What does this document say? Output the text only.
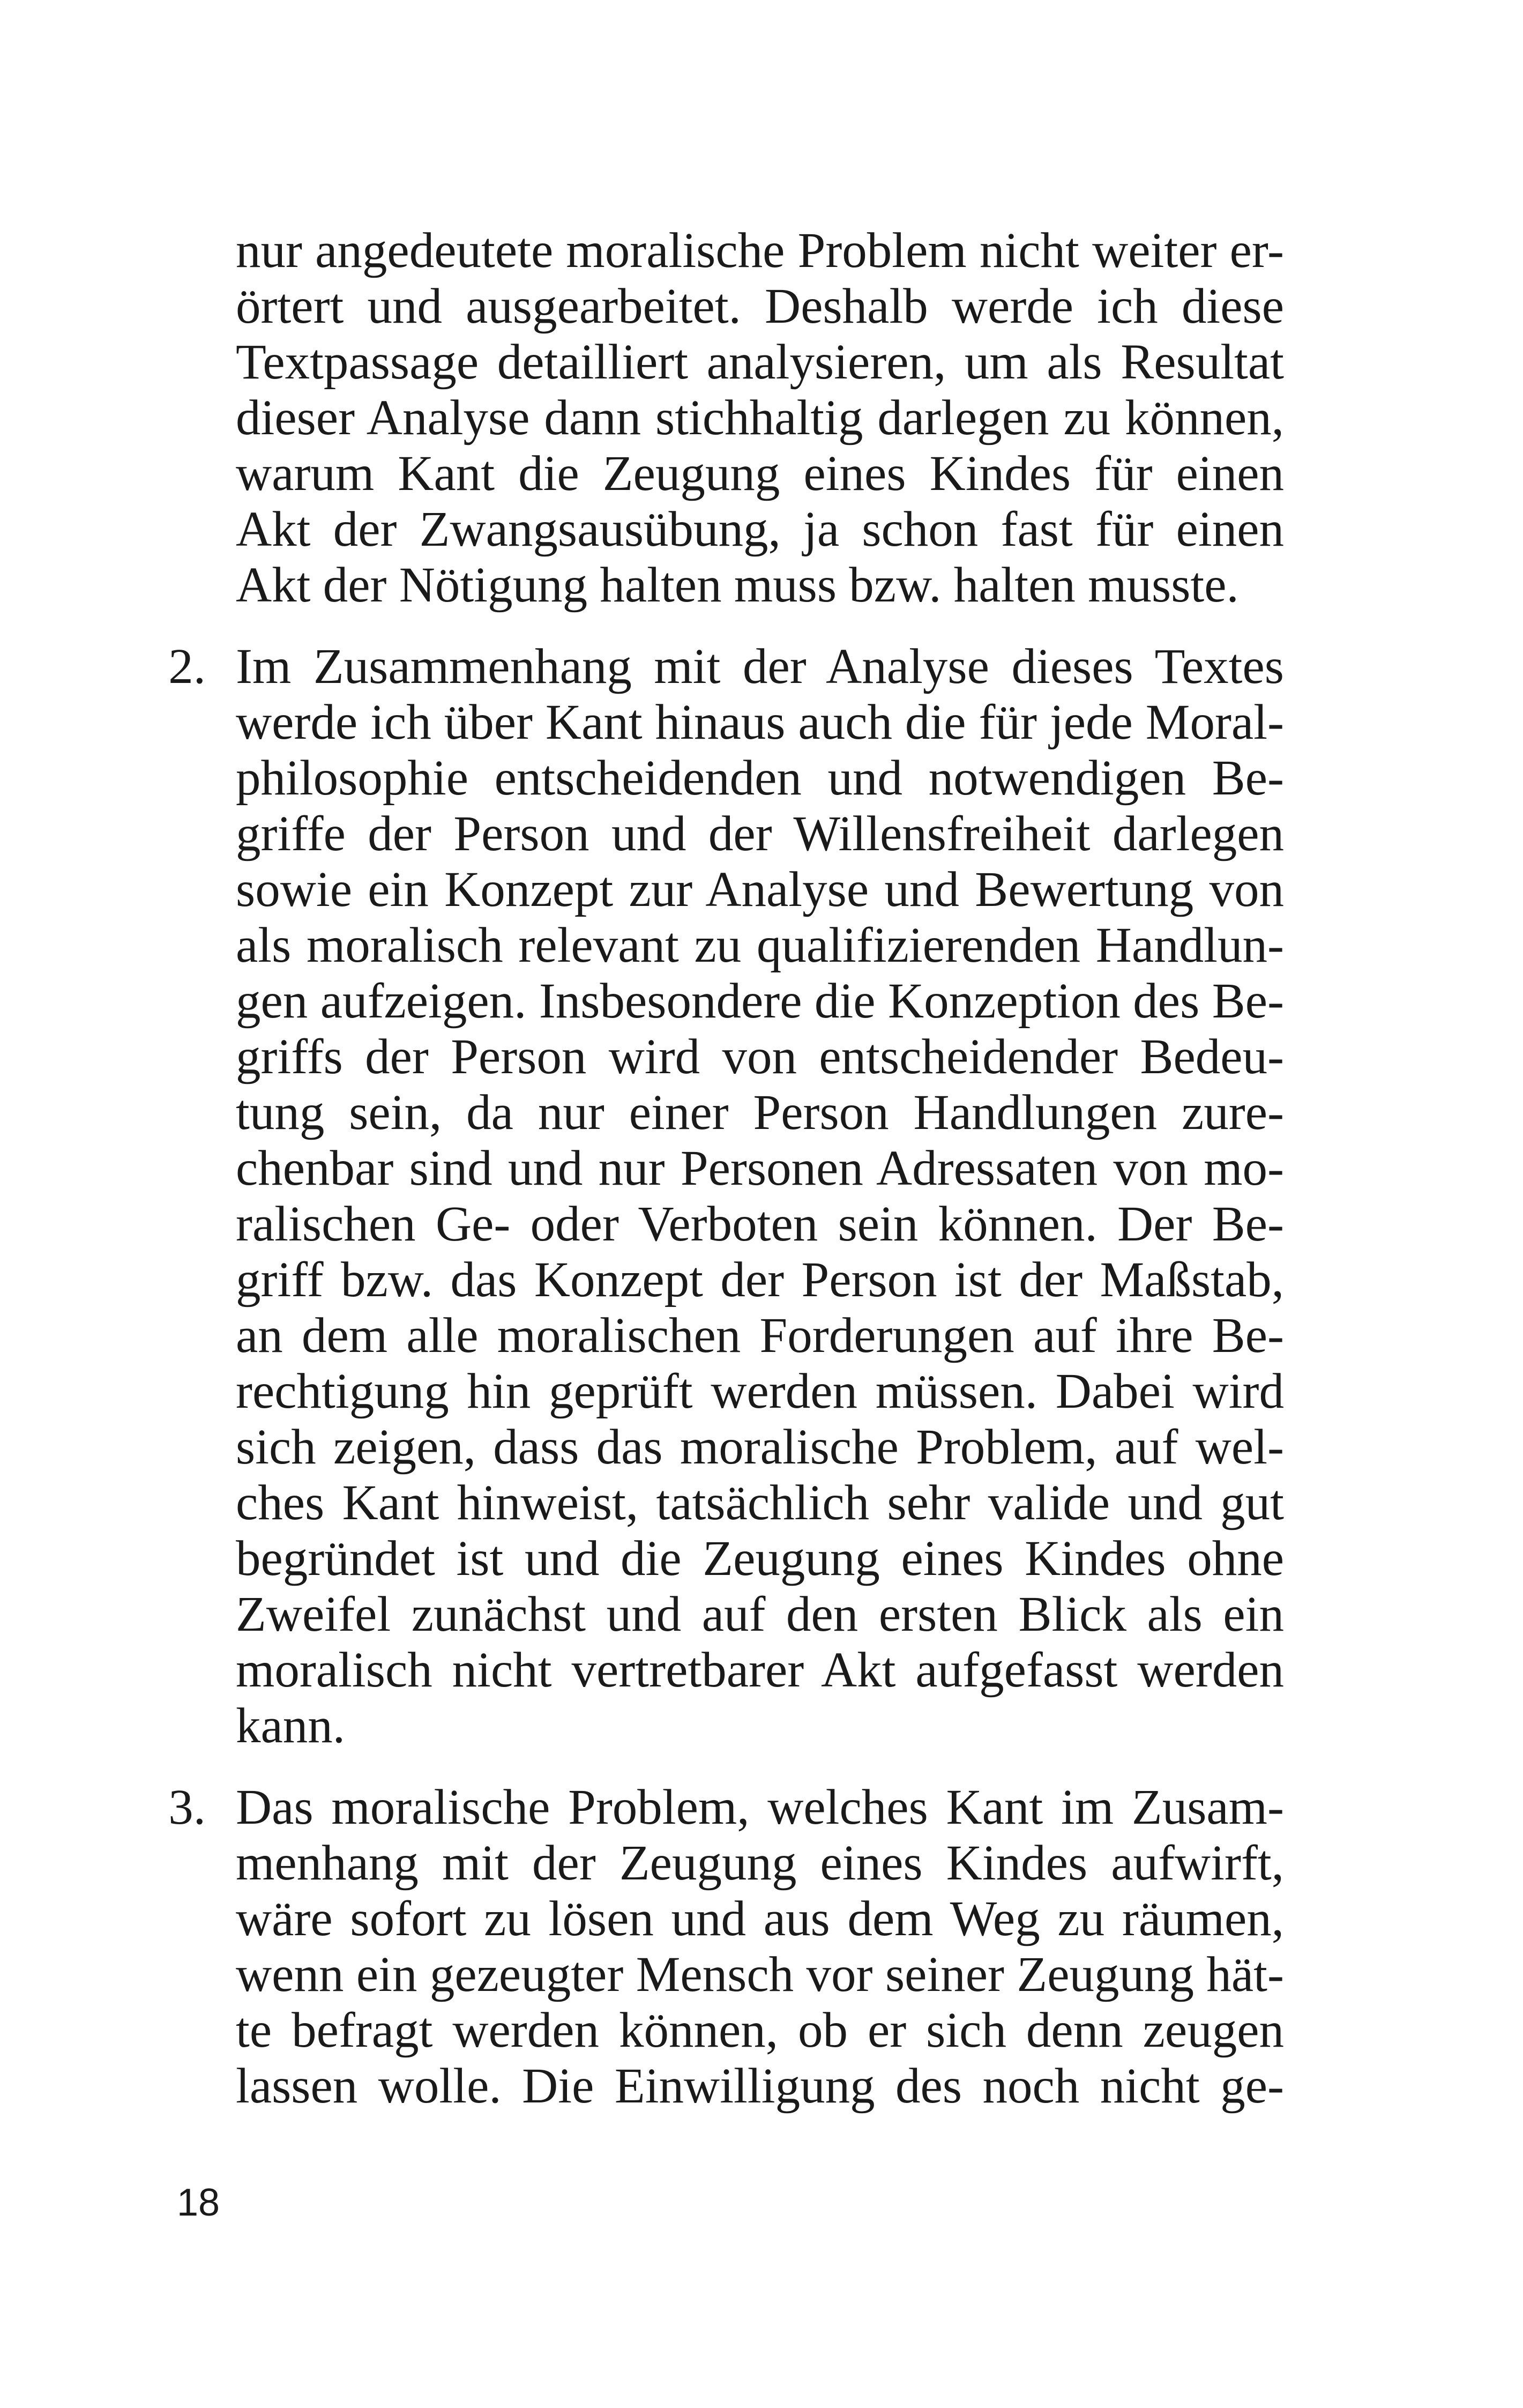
nur angedeutete moralische Problem nicht weiter er-
örtert und ausgearbeitet. Deshalb werde ich diese
Textpassage detailliert analysieren, um als Resultat
dieser Analyse dann stichhaltig darlegen zu können,
warum Kant die Zeugung eines Kindes für einen
Akt der Zwangsausübung, ja schon fast für einen
Akt der Nötigung halten muss bzw. halten musste.
2. Im Zusammenhang mit der Analyse dieses Textes
werde ich über Kant hinaus auch die für jede Moral-
philosophie entscheidenden und notwendigen Be-
griffe der Person und der Willensfreiheit darlegen
sowie ein Konzept zur Analyse und Bewertung von
als moralisch relevant zu qualifizierenden Handlun-
gen aufzeigen. Insbesondere die Konzeption des Be-
griffs der Person wird von entscheidender Bedeu-
tung sein, da nur einer Person Handlungen zure-
chenbar sind und nur Personen Adressaten von mo-
ralischen Ge- oder Verboten sein können. Der Be-
griff bzw. das Konzept der Person ist der Maßstab,
an dem alle moralischen Forderungen auf ihre Be-
rechtigung hin geprüft werden müssen. Dabei wird
sich zeigen, dass das moralische Problem, auf wel-
ches Kant hinweist, tatsächlich sehr valide und gut
begründet ist und die Zeugung eines Kindes ohne
Zweifel zunächst und auf den ersten Blick als ein
moralisch nicht vertretbarer Akt aufgefasst werden
kann.
3. Das moralische Problem, welches Kant im Zusam-
menhang mit der Zeugung eines Kindes aufwirft,
wäre sofort zu lösen und aus dem Weg zu räumen,
wenn ein gezeugter Mensch vor seiner Zeugung hät-
te befragt werden können, ob er sich denn zeugen
lassen wolle. Die Einwilligung des noch nicht ge-
18
